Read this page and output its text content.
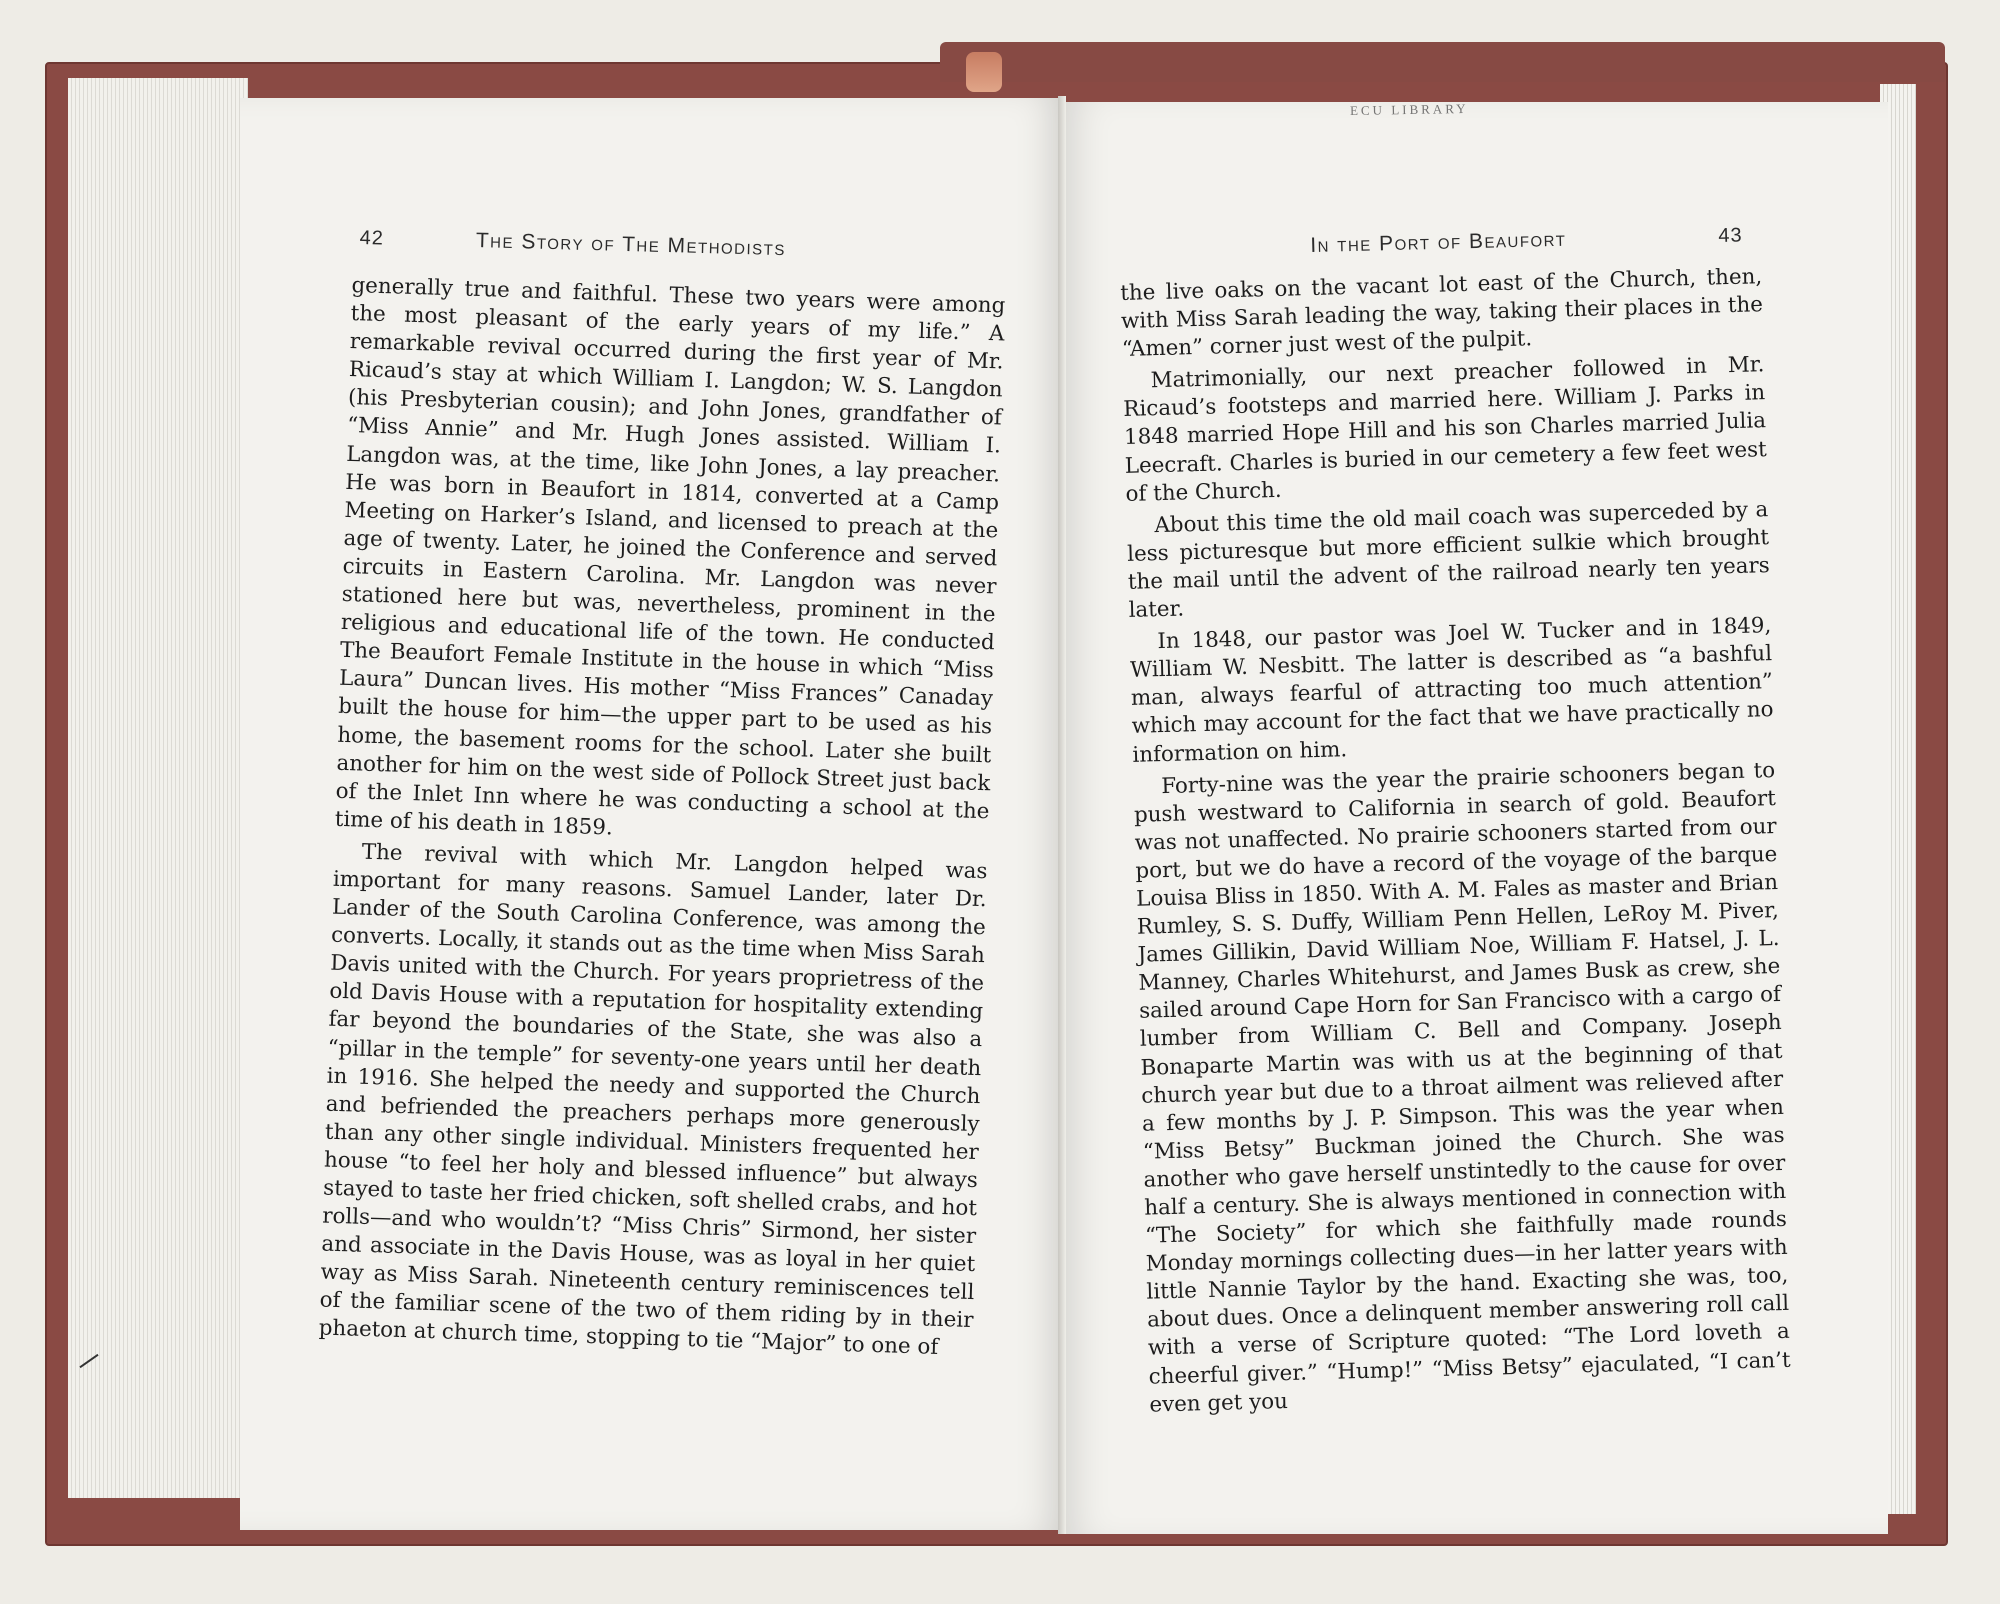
ECU LIBRARY
42	The Story of The Methodists	In the Port of Beaufort	43

generally true and faithful. These two years were among the most pleasant of the early years of my life.” A remarkable revival occurred during the first year of Mr. Ricaud’s stay at which William I. Langdon; W. S. Langdon (his Presbyterian cousin); and John Jones, grandfather of “Miss Annie” and Mr. Hugh Jones assisted. William I. Langdon was, at the time, like John Jones, a lay preacher. He was born in Beaufort in 1814, converted at a Camp Meeting on Harker’s Island, and licensed to preach at the age of twenty. Later, he joined the Conference and served circuits in Eastern Carolina. Mr. Langdon was never stationed here but was, nevertheless, prominent in the religious and educational life of the town. He conducted The Beaufort Female Institute in the house in which “Miss Laura” Duncan lives. His mother “Miss Frances” Canaday built the house for him—the upper part to be used as his home, the basement rooms for the school. Later she built another for him on the west side of Pollock Street just back of the Inlet Inn where he was conducting a school at the time of his death in 1859.

The revival with which Mr. Langdon helped was important for many reasons. Samuel Lander, later Dr. Lander of the South Carolina Conference, was among the converts. Locally, it stands out as the time when Miss Sarah Davis united with the Church. For years proprietress of the old Davis House with a reputation for hospitality extending far beyond the boundaries of the State, she was also a “pillar in the temple” for seventy-one years until her death in 1916. She helped the needy and supported the Church and befriended the preachers perhaps more generously than any other single individual. Ministers frequented her house “to feel her holy and blessed influence” but always stayed to taste her fried chicken, soft shelled crabs, and hot rolls—and who wouldn’t? “Miss Chris” Sirmond, her sister and associate in the Davis House, was as loyal in her quiet way as Miss Sarah. Nineteenth century reminiscences tell of the familiar scene of the two of them riding by in their phaeton at church time, stopping to tie “Major” to one of

the live oaks on the vacant lot east of the Church, then, with Miss Sarah leading the way, taking their places in the “Amen” corner just west of the pulpit.

Matrimonially, our next preacher followed in Mr. Ricaud’s footsteps and married here. William J. Parks in 1848 married Hope Hill and his son Charles married Julia Leecraft. Charles is buried in our cemetery a few feet west of the Church.

About this time the old mail coach was superceded by a less picturesque but more efficient sulkie which brought the mail until the advent of the railroad nearly ten years later.

In 1848, our pastor was Joel W. Tucker and in 1849, William W. Nesbitt. The latter is described as “a bashful man, always fearful of attracting too much attention” which may account for the fact that we have practically no information on him.

Forty-nine was the year the prairie schooners began to push westward to California in search of gold. Beaufort was not unaffected. No prairie schooners started from our port, but we do have a record of the voyage of the barque Louisa Bliss in 1850. With A. M. Fales as master and Brian Rumley, S. S. Duffy, William Penn Hellen, LeRoy M. Piver, James Gillikin, David William Noe, William F. Hatsel, J. L. Manney, Charles Whitehurst, and James Busk as crew, she sailed around Cape Horn for San Francisco with a cargo of lumber from William C. Bell and Company. Joseph Bonaparte Martin was with us at the beginning of that church year but due to a throat ailment was relieved after a few months by J. P. Simpson. This was the year when “Miss Betsy” Buckman joined the Church. She was another who gave herself unstintedly to the cause for over half a century. She is always mentioned in connection with “The Society” for which she faithfully made rounds Monday mornings collecting dues—in her latter years with little Nannie Taylor by the hand. Exacting she was, too, about dues. Once a delinquent member answering roll call with a verse of Scripture quoted: “The Lord loveth a cheerful giver.” “Hump!” “Miss Betsy” ejaculated, “I can’t even get you
